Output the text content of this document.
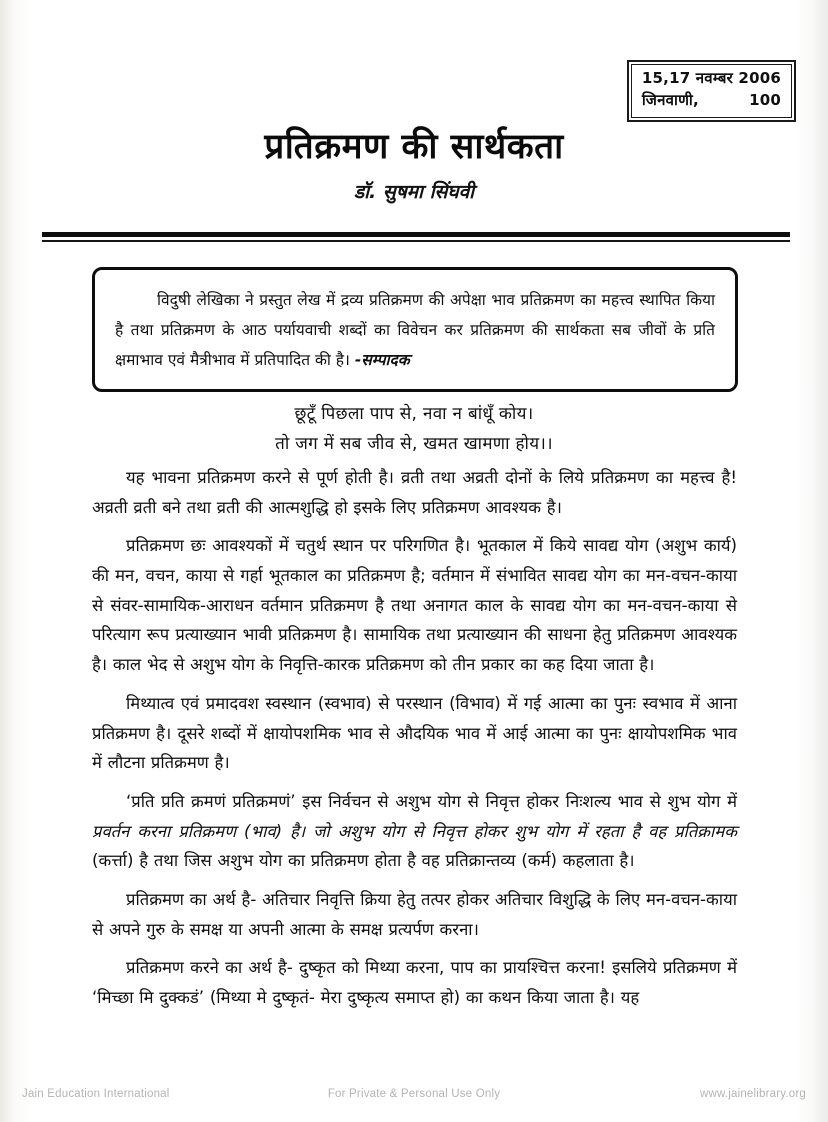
15,17 नवम्बर 2006
जिनवाणी,	100
प्रतिक्रमण की सार्थकता
डॉ. सुषमा सिंघवी
विदुषी लेखिका ने प्रस्तुत लेख में द्रव्य प्रतिक्रमण की अपेक्षा भाव प्रतिक्रमण का महत्त्व स्थापित किया है तथा प्रतिक्रमण के आठ पर्यायवाची शब्दों का विवेचन कर प्रतिक्रमण की सार्थकता सब जीवों के प्रति क्षमाभाव एवं मैत्रीभाव में प्रतिपादित की है। -सम्पादक
छूटूँ पिछला पाप से, नवा न बांधूँ कोय।
तो जग में सब जीव से, खमत खामणा होय।।

यह भावना प्रतिक्रमण करने से पूर्ण होती है। व्रती तथा अव्रती दोनों के लिये प्रतिक्रमण का महत्त्व है! अव्रती व्रती बने तथा व्रती की आत्मशुद्धि हो इसके लिए प्रतिक्रमण आवश्यक है।

प्रतिक्रमण छः आवश्यकों में चतुर्थ स्थान पर परिगणित है। भूतकाल में किये सावद्य योग (अशुभ कार्य) की मन, वचन, काया से गर्हा भूतकाल का प्रतिक्रमण है; वर्तमान में संभावित सावद्य योग का मन-वचन-काया से संवर-सामायिक-आराधन वर्तमान प्रतिक्रमण है तथा अनागत काल के सावद्य योग का मन-वचन-काया से परित्याग रूप प्रत्याख्यान भावी प्रतिक्रमण है। सामायिक तथा प्रत्याख्यान की साधना हेतु प्रतिक्रमण आवश्यक है। काल भेद से अशुभ योग के निवृत्ति-कारक प्रतिक्रमण को तीन प्रकार का कह दिया जाता है।

मिथ्यात्व एवं प्रमादवश स्वस्थान (स्वभाव) से परस्थान (विभाव) में गई आत्मा का पुनः स्वभाव में आना प्रतिक्रमण है। दूसरे शब्दों में क्षायोपशमिक भाव से औदयिक भाव में आई आत्मा का पुनः क्षायोपशमिक भाव में लौटना प्रतिक्रमण है।

‘प्रति प्रति क्रमणं प्रतिक्रमणं’ इस निर्वचन से अशुभ योग से निवृत्त होकर निःशल्य भाव से शुभ योग में प्रवर्तन करना प्रतिक्रमण (भाव) है। जो अशुभ योग से निवृत्त होकर शुभ योग में रहता है वह प्रतिक्रामक (कर्त्ता) है तथा जिस अशुभ योग का प्रतिक्रमण होता है वह प्रतिक्रान्तव्य (कर्म) कहलाता है।

प्रतिक्रमण का अर्थ है- अतिचार निवृत्ति क्रिया हेतु तत्पर होकर अतिचार विशुद्धि के लिए मन-वचन-काया से अपने गुरु के समक्ष या अपनी आत्मा के समक्ष प्रत्यर्पण करना।

प्रतिक्रमण करने का अर्थ है- दुष्कृत को मिथ्या करना, पाप का प्रायश्चित्त करना! इसलिये प्रतिक्रमण में ‘मिच्छा मि दुक्कडं’ (मिथ्या मे दुष्कृतं- मेरा दुष्कृत्य समाप्त हो) का कथन किया जाता है। यह

Jain Education International	For Private & Personal Use Only	www.jainelibrary.org
